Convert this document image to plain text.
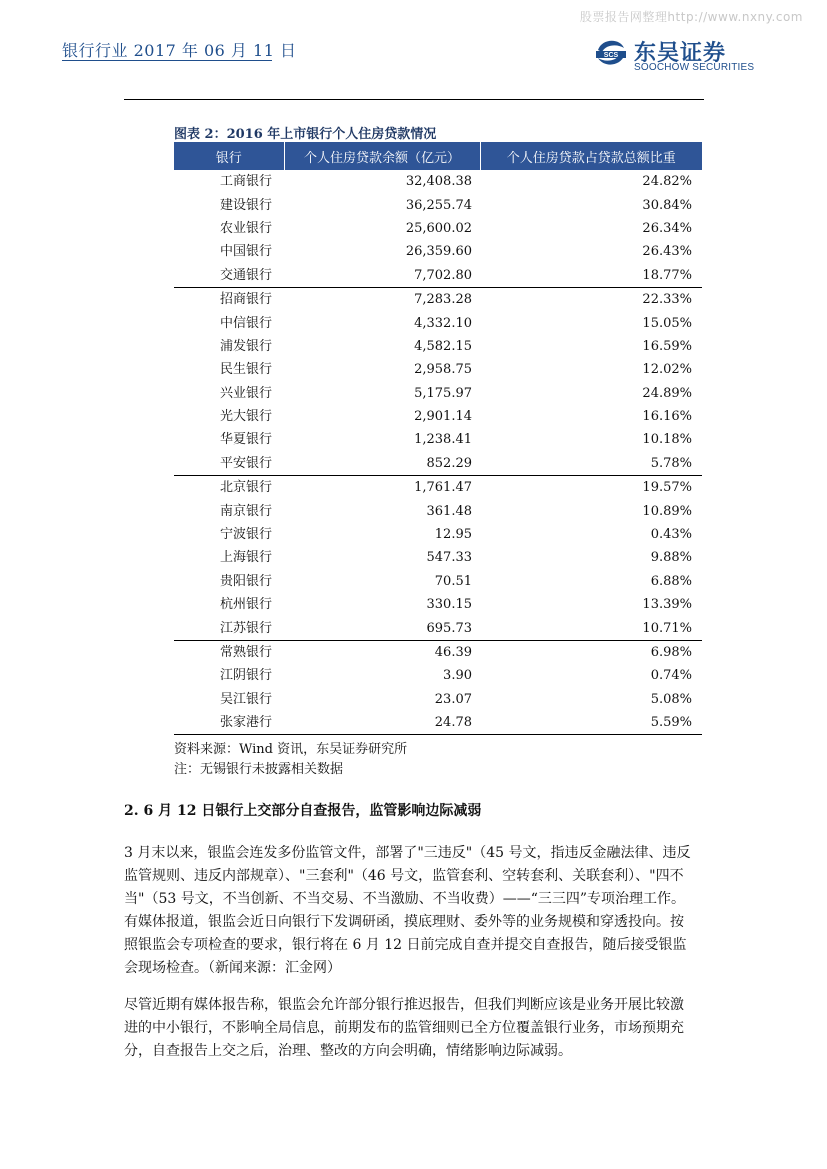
股票报告网整理http://www.nxny.com
银行行业 2017 年 06 月 11 日	SCS 东吴证券
SOOCHOW SECURITIES
图表 2：2016 年上市银行个人住房贷款情况
银行	个人住房贷款余额（亿元）	个人住房贷款占贷款总额比重
工商银行	32,408.38	24.82%
建设银行	36,255.74	30.84%
农业银行	25,600.02	26.34%
中国银行	26,359.60	26.43%
交通银行	7,702.80	18.77%
招商银行	7,283.28	22.33%
中信银行	4,332.10	15.05%
浦发银行	4,582.15	16.59%
民生银行	2,958.75	12.02%
兴业银行	5,175.97	24.89%
光大银行	2,901.14	16.16%
华夏银行	1,238.41	10.18%
平安银行	852.29	5.78%
北京银行	1,761.47	19.57%
南京银行	361.48	10.89%
宁波银行	12.95	0.43%
上海银行	547.33	9.88%
贵阳银行	70.51	6.88%
杭州银行	330.15	13.39%
江苏银行	695.73	10.71%
常熟银行	46.39	6.98%
江阴银行	3.90	0.74%
吴江银行	23.07	5.08%
张家港行	24.78	5.59%
资料来源：Wind 资讯，东吴证券研究所
注：无锡银行未披露相关数据
2. 6 月 12 日银行上交部分自查报告，监管影响边际减弱
3 月末以来，银监会连发多份监管文件，部署了"三违反"（45 号文，指违反金融法律、违反
监管规则、违反内部规章）、"三套利"（46 号文，监管套利、空转套利、关联套利）、"四不
当"（53 号文，不当创新、不当交易、不当激励、不当收费）——“三三四”专项治理工作。
有媒体报道，银监会近日向银行下发调研函，摸底理财、委外等的业务规模和穿透投向。按
照银监会专项检查的要求，银行将在 6 月 12 日前完成自查并提交自查报告，随后接受银监
会现场检查。（新闻来源：汇金网）
尽管近期有媒体报告称，银监会允许部分银行推迟报告，但我们判断应该是业务开展比较激
进的中小银行，不影响全局信息，前期发布的监管细则已全方位覆盖银行业务，市场预期充
分，自查报告上交之后，治理、整改的方向会明确，情绪影响边际减弱。
